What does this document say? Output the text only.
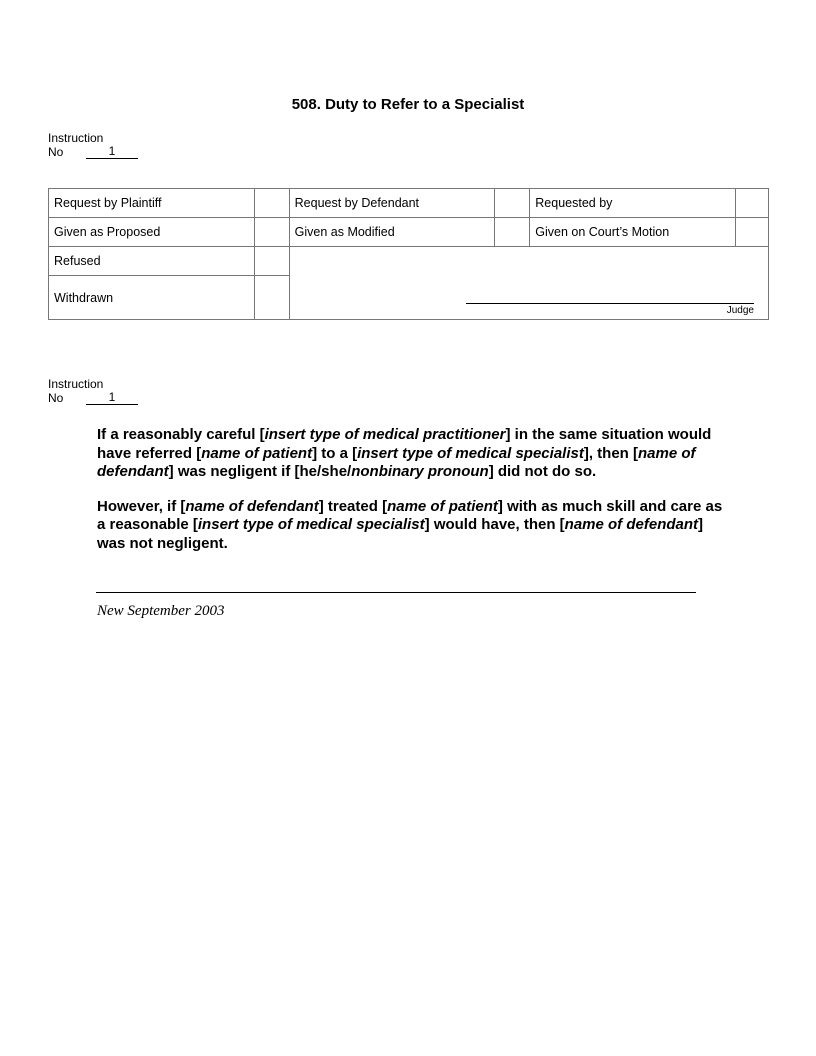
508. Duty to Refer to a Specialist
Instruction
No	1
Request by Plaintiff		Request by Defendant		Requested by	
Given as Proposed		Given as Modified		Given on Court’s Motion	
Refused		Judge			

Withdrawn					
Instruction
No	1

If a reasonably careful [insert type of medical practitioner] in the same situation would have referred [name of patient] to a [insert type of medical specialist], then [name of defendant] was negligent if [he/she/nonbinary pronoun] did not do so.

However, if [name of defendant] treated [name of patient] with as much skill and care as a reasonable [insert type of medical specialist] would have, then [name of defendant] was not negligent.

New September 2003
